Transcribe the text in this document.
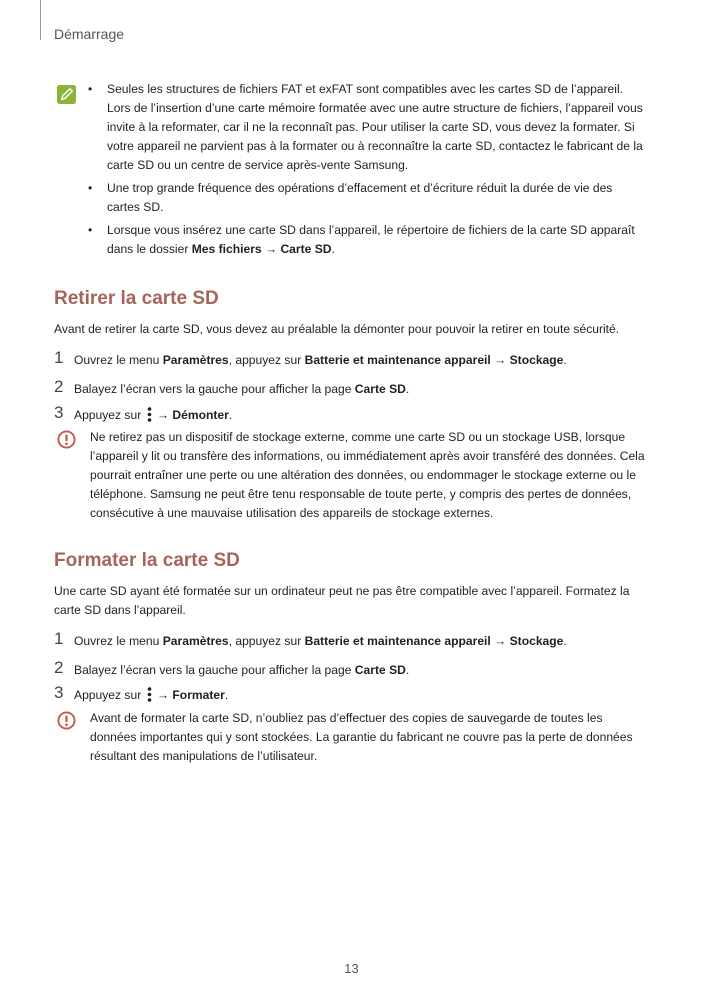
Démarrage
• Seules les structures de fichiers FAT et exFAT sont compatibles avec les cartes SD de l’appareil. Lors de l’insertion d’une carte mémoire formatée avec une autre structure de fichiers, l’appareil vous invite à la reformater, car il ne la reconnaît pas. Pour utiliser la carte SD, vous devez la formater. Si votre appareil ne parvient pas à la formater ou à reconnaître la carte SD, contactez le fabricant de la carte SD ou un centre de service après-vente Samsung.
• Une trop grande fréquence des opérations d’effacement et d’écriture réduit la durée de vie des cartes SD.
• Lorsque vous insérez une carte SD dans l’appareil, le répertoire de fichiers de la carte SD apparaît dans le dossier Mes fichiers → Carte SD.
Retirer la carte SD
Avant de retirer la carte SD, vous devez au préalable la démonter pour pouvoir la retirer en toute sécurité.
1 Ouvrez le menu Paramètres, appuyez sur Batterie et maintenance appareil → Stockage.
2 Balayez l’écran vers la gauche pour afficher la page Carte SD.
3 Appuyez sur  → Démonter.
Ne retirez pas un dispositif de stockage externe, comme une carte SD ou un stockage USB, lorsque l’appareil y lit ou transfère des informations, ou immédiatement après avoir transféré des données. Cela pourrait entraîner une perte ou une altération des données, ou endommager le stockage externe ou le téléphone. Samsung ne peut être tenu responsable de toute perte, y compris des pertes de données, consécutive à une mauvaise utilisation des appareils de stockage externes.
Formater la carte SD
Une carte SD ayant été formatée sur un ordinateur peut ne pas être compatible avec l’appareil. Formatez la carte SD dans l’appareil.
1 Ouvrez le menu Paramètres, appuyez sur Batterie et maintenance appareil → Stockage.
2 Balayez l’écran vers la gauche pour afficher la page Carte SD.
3 Appuyez sur  → Formater.
Avant de formater la carte SD, n’oubliez pas d’effectuer des copies de sauvegarde de toutes les données importantes qui y sont stockées. La garantie du fabricant ne couvre pas la perte de données résultant des manipulations de l’utilisateur.
13
